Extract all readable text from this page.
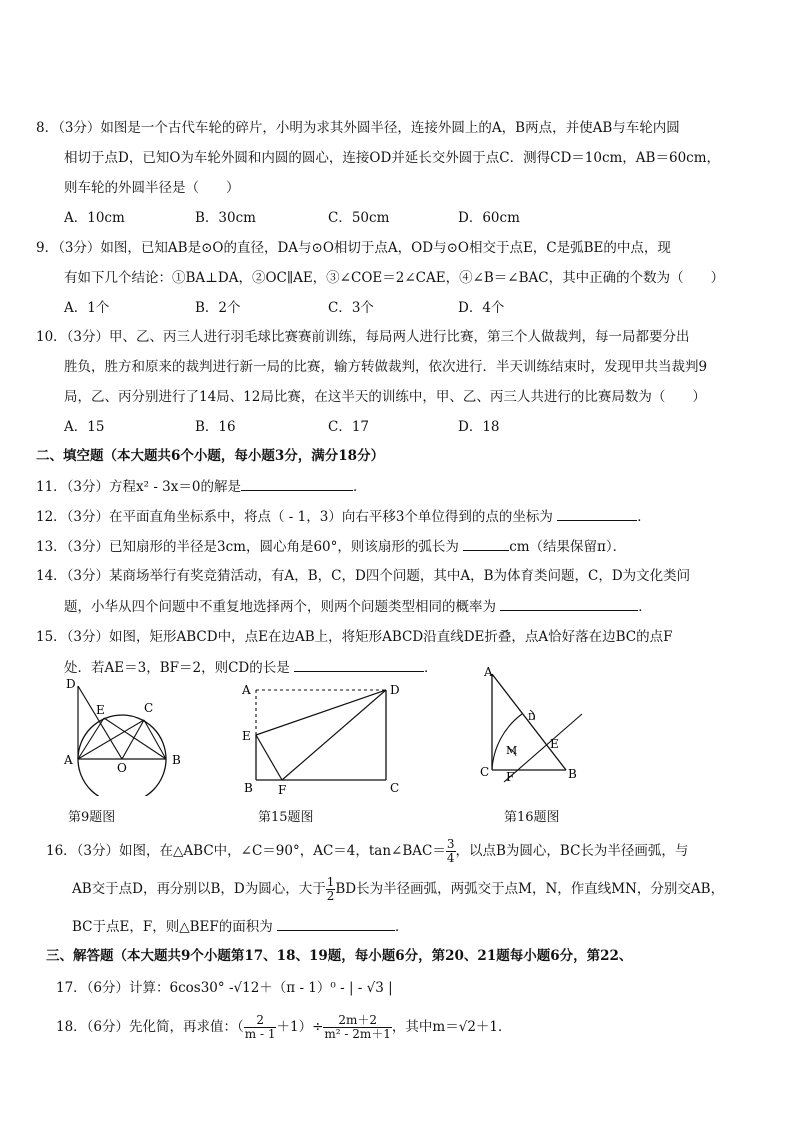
8．（3分）如图是一个古代车轮的碎片，小明为求其外圆半径，连接外圆上的A，B两点，并使AB与车轮内圆
相切于点D，已知O为车轮外圆和内圆的圆心，连接OD并延长交外圆于点C．测得CD＝10cm，AB＝60cm，
则车轮的外圆半径是（　　）
A．10cm	B．30cm	C．50cm	D．60cm
9．（3分）如图，已知AB是⊙O的直径，DA与⊙O相切于点A，OD与⊙O相交于点E，C是弧BE的中点，现
有如下几个结论：①BA⊥DA，②OC∥AE，③∠COE＝2∠CAE，④∠B＝∠BAC，其中正确的个数为（　　）
A．1个	B．2个	C．3个	D．4个
10．（3分）甲、乙、丙三人进行羽毛球比赛赛前训练，每局两人进行比赛，第三个人做裁判，每一局都要分出
胜负，胜方和原来的裁判进行新一局的比赛，输方转做裁判，依次进行．半天训练结束时，发现甲共当裁判9
局，乙、丙分别进行了14局、12局比赛，在这半天的训练中，甲、乙、丙三人共进行的比赛局数为（　　）
A．15	B．16	C．17	D．18
二、填空题（本大题共6个小题，每小题3分，满分18分）
11．（3分）方程x² - 3x＝0的解是	．
12．（3分）在平面直角坐标系中，将点（ - 1，3）向右平移3个单位得到的点的坐标为	．
13．（3分）已知扇形的半径是3cm，圆心角是60°，则该扇形的弧长为	cm（结果保留π）．
14．（3分）某商场举行有奖竞猜活动，有A，B，C，D四个问题，其中A，B为体育类问题，C，D为文化类问
题，小华从四个问题中不重复地选择两个，则两个问题类型相同的概率为	．
15．（3分）如图，矩形ABCD中，点E在边AB上，将矩形ABCD沿直线DE折叠，点A恰好落在边BC的点F
处．若AE＝3，BF＝2，则CD的长是	．
D
E	C
A
O
B
第9题图
A	D
E
B F	C
第15题图
A
D
E
M
C F	B
第16题图
16．（3分）如图，在△ABC中，∠C＝90°，AC＝4，tan∠BAC＝ $\frac{3}{4}$ ，以点B为圆心，BC长为半径画弧，与
AB交于点D，再分别以B，D为圆心，大于 $\frac{1}{2}$ BD长为半径画弧，两弧交于点M，N，作直线MN，分别交AB，
BC于点E，F，则△BEF的面积为	．
三、解答题（本大题共9个小题第17、18、19题，每小题6分，第20、21题每小题6分，第22、
17．（6分）计算：6cos30° -√12＋（π - 1）⁰ - | - √3 |
18．（6分）先化简，再求值：（ $\frac{2}{m - 1} +1)\div \frac{2m+2}{\text{m² - 2m＋1}}$ ，其中m＝√2＋1．
